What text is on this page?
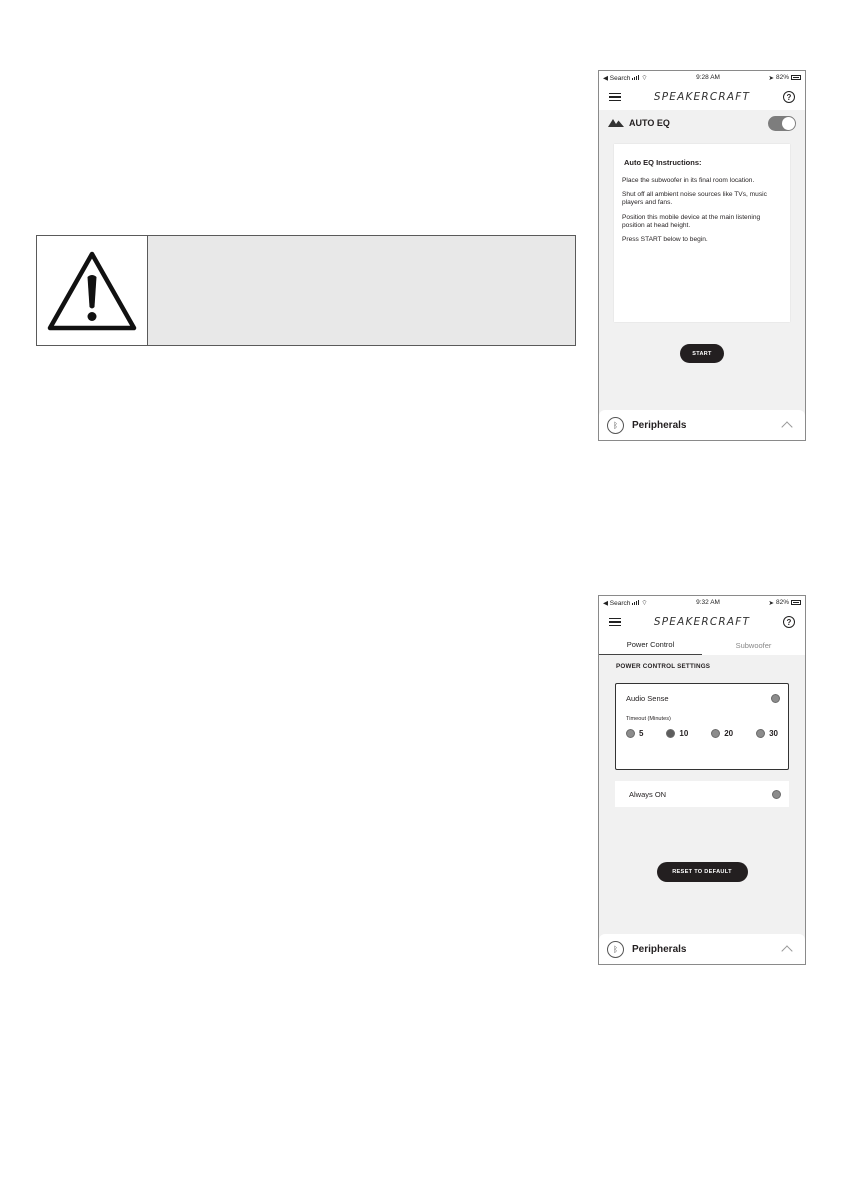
◀ Search ⌔	9:28 AM	➤ 82%
SPEAKERCRAFT	?
AUTO EQ
Auto EQ Instructions:

Place the subwoofer in its final room location.

Shut off all ambient noise sources like TVs, music players and fans.

Position this mobile device at the main listening position at head height.

Press START below to begin.

START
ᛒ	Peripherals
◀ Search ⌔	9:32 AM	➤ 82%
SPEAKERCRAFT	?
Power Control	Subwoofer
POWER CONTROL SETTINGS
Audio Sense
Timeout (Minutes)
5	10	20	30
Always ON
RESET TO DEFAULT
ᛒ	Peripherals
